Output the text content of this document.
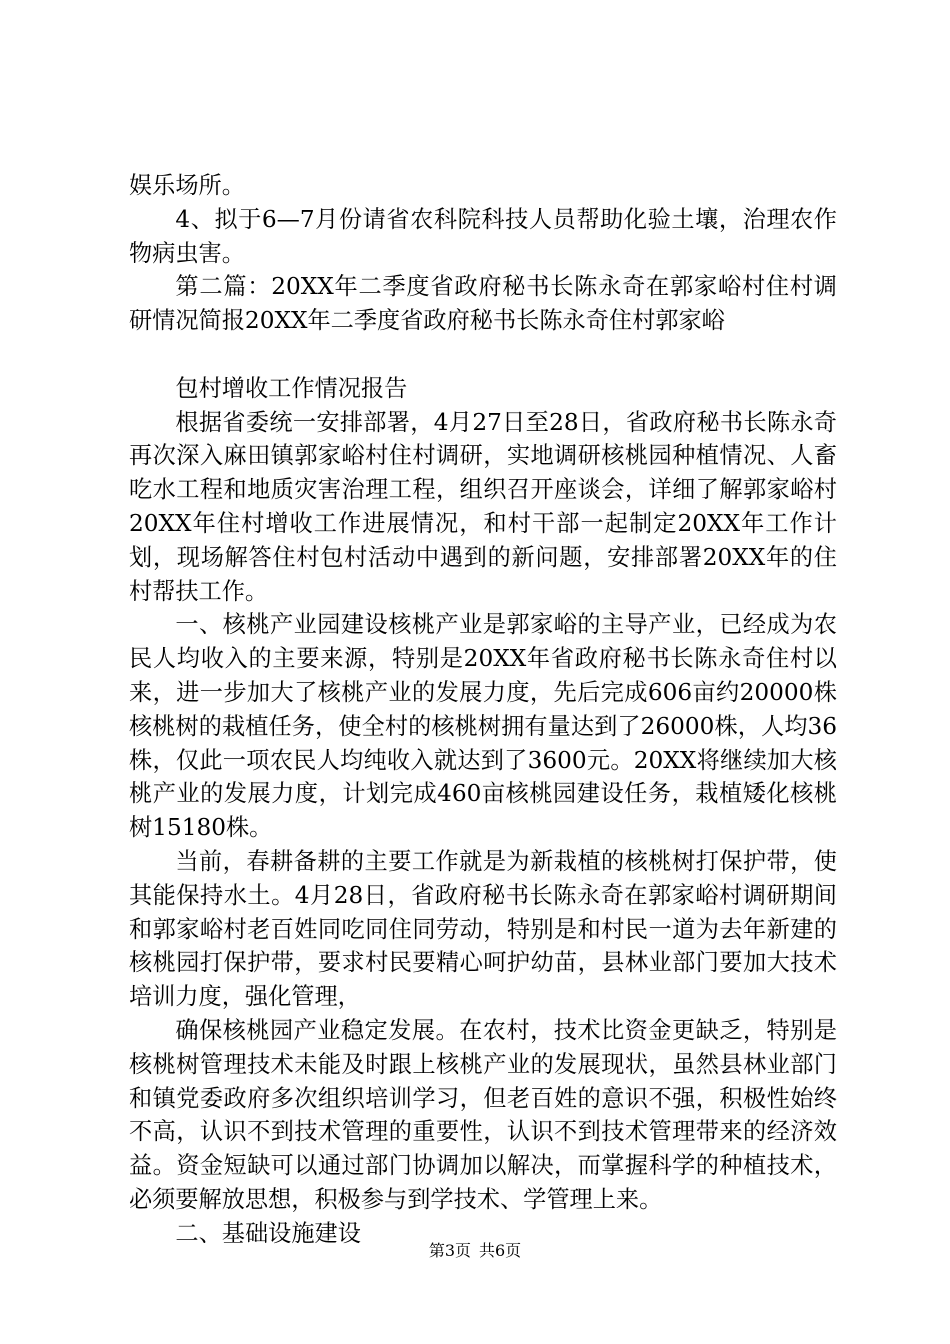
娱乐场所。

4、拟于6—7月份请省农科院科技人员帮助化验土壤，治理农作物病虫害。

第二篇：20XX年二季度省政府秘书长陈永奇在郭家峪村住村调研情况简报20XX年二季度省政府秘书长陈永奇住村郭家峪

包村增收工作情况报告

根据省委统一安排部署，4月27日至28日，省政府秘书长陈永奇再次深入麻田镇郭家峪村住村调研，实地调研核桃园种植情况、人畜吃水工程和地质灾害治理工程，组织召开座谈会，详细了解郭家峪村20XX年住村增收工作进展情况，和村干部一起制定20XX年工作计划，现场解答住村包村活动中遇到的新问题，安排部署20XX年的住村帮扶工作。

一、核桃产业园建设核桃产业是郭家峪的主导产业，已经成为农民人均收入的主要来源，特别是20XX年省政府秘书长陈永奇住村以来，进一步加大了核桃产业的发展力度，先后完成606亩约20000株核桃树的栽植任务，使全村的核桃树拥有量达到了26000株，人均36株，仅此一项农民人均纯收入就达到了3600元。20XX将继续加大核桃产业的发展力度，计划完成460亩核桃园建设任务，栽植矮化核桃树15180株。

当前，春耕备耕的主要工作就是为新栽植的核桃树打保护带，使其能保持水土。4月28日，省政府秘书长陈永奇在郭家峪村调研期间和郭家峪村老百姓同吃同住同劳动，特别是和村民一道为去年新建的核桃园打保护带，要求村民要精心呵护幼苗，县林业部门要加大技术培训力度，强化管理，

确保核桃园产业稳定发展。在农村，技术比资金更缺乏，特别是核桃树管理技术未能及时跟上核桃产业的发展现状，虽然县林业部门和镇党委政府多次组织培训学习，但老百姓的意识不强，积极性始终不高，认识不到技术管理的重要性，认识不到技术管理带来的经济效益。资金短缺可以通过部门协调加以解决，而掌握科学的种植技术，必须要解放思想，积极参与到学技术、学管理上来。

二、基础设施建设

第3页 共6页
